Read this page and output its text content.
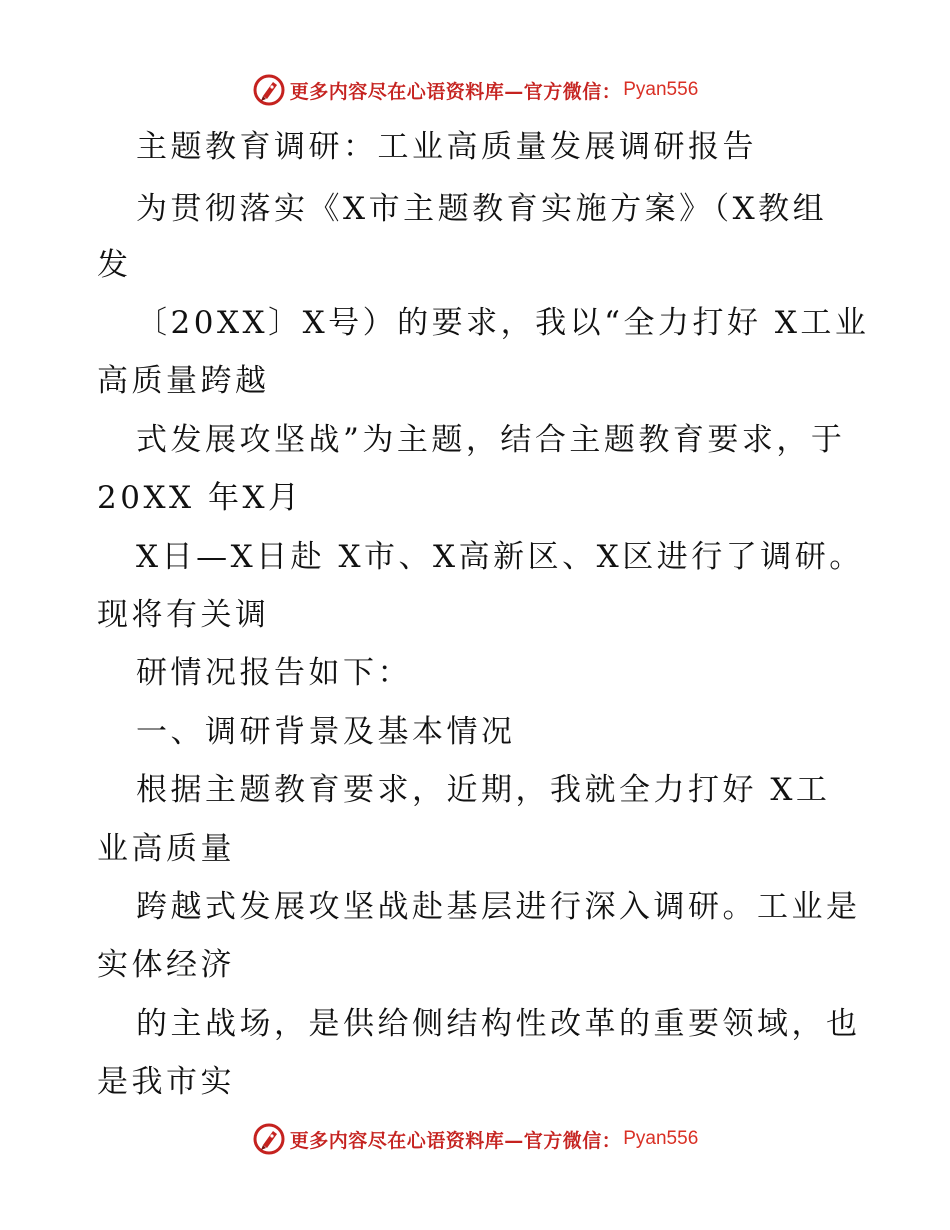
更多内容尽在心语资料库—官方微信： Pyan556
主题教育调研：工业高质量发展调研报告
为贯彻落实《X市主题教育实施方案》（X教组
发
〔20XX〕X号）的要求，我以“全力打好 X工业
高质量跨越
式发展攻坚战”为主题，结合主题教育要求，于
20XX 年X月
X日—X日赴 X市、X高新区、X区进行了调研。
现将有关调
研情况报告如下：
一、调研背景及基本情况
根据主题教育要求，近期，我就全力打好 X工
业高质量
跨越式发展攻坚战赴基层进行深入调研。工业是
实体经济
的主战场，是供给侧结构性改革的重要领域，也
是我市实
更多内容尽在心语资料库—官方微信： Pyan556
